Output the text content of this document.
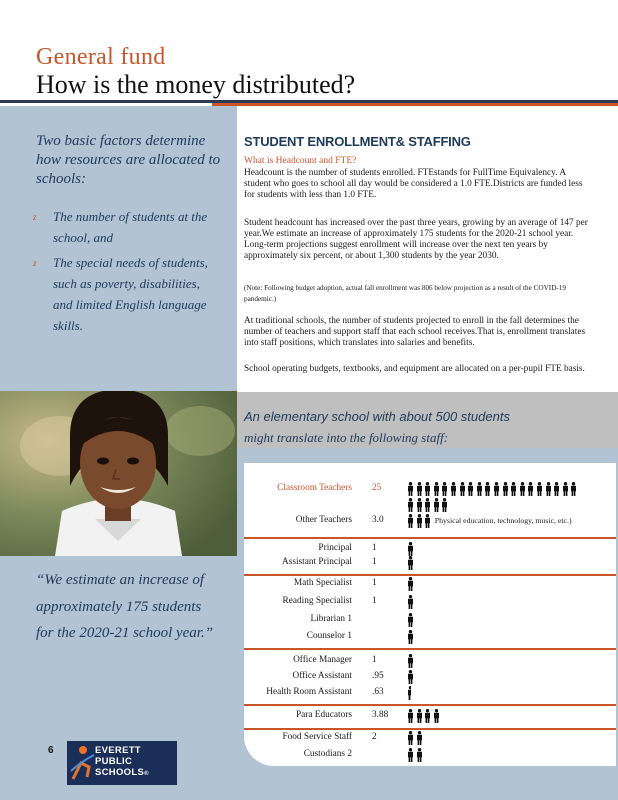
General fund
How is the money distributed?
Two basic factors determine how resources are allocated to schools:
z The number of students at the school, and
z The special needs of students, such as poverty, disabilities, and limited English language skills.
“We estimate an increase of approximately 175 students for the 2020-21 school year.”
6	EVERETT
PUBLIC
SCHOOLS®
STUDENT ENROLLMENT& STAFFING
What is Headcount and FTE?
Headcount is the number of students enrolled. FTEstands for FullTime Equivalency. A student who goes to school all day would be considered a 1.0 FTE.Districts are funded less for students with less than 1.0 FTE.
Student headcount has increased over the past three years, growing by an average of 147 per year.We estimate an increase of approximately 175 students for the 2020-21 school year. Long-term projections suggest enrollment will increase over the next ten years by approximately six percent, or about 1,300 students by the year 2030.
(Note: Following budget adoption, actual fall enrollment was 806 below projection as a result of the COVID-19 pandemic.)
At traditional schools, the number of students projected to enroll in the fall determines the number of teachers and support staff that each school receives.That is, enrollment translates into staff positions, which translates into salaries and benefits.
School operating budgets, textbooks, and equipment are allocated on a per-pupil FTE basis.
An elementary school with about 500 students
might translate into the following staff:
Classroom Teachers 25
Other Teachers 3.0	Physical education, technology, music, etc.)
Principal 1
Assistant Principal 1
Math Specialist 1
Reading Specialist 1
Librarian 1
Counselor 1
Office Manager 1
Office Assistant .95
Health Room Assistant .63
Para Educators 3.88
Food Service Staff 2
Custodians 2
